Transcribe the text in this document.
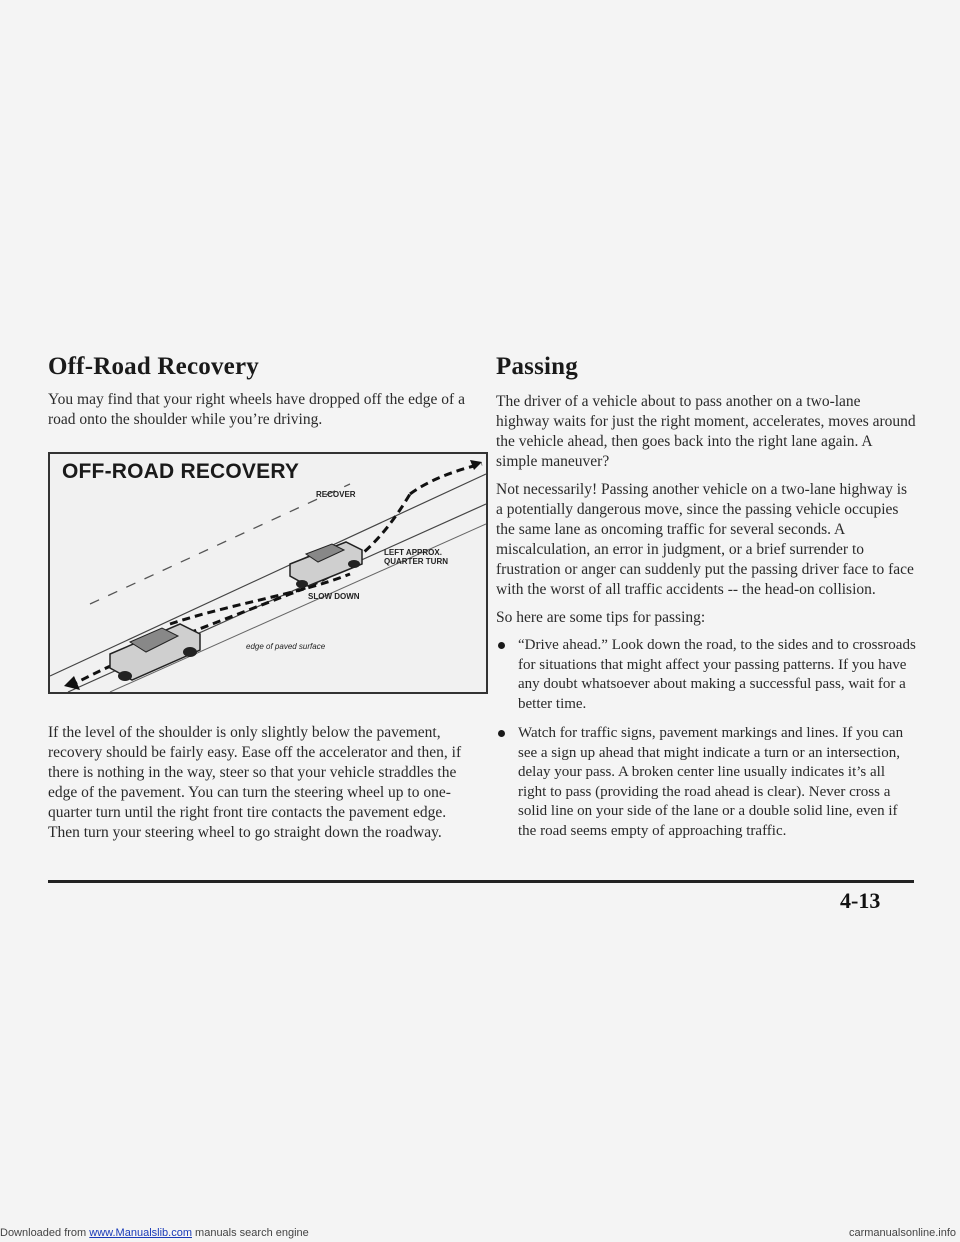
Off-Road Recovery

You may find that your right wheels have dropped off the edge of a road onto the shoulder while you’re driving.

OFF-ROAD RECOVERY
RECOVER
LEFT APPROX.
QUARTER TURN
SLOW DOWN
edge of paved surface

If the level of the shoulder is only slightly below the pavement, recovery should be fairly easy. Ease off the accelerator and then, if there is nothing in the way, steer so that your vehicle straddles the edge of the pavement. You can turn the steering wheel up to one-quarter turn until the right front tire contacts the pavement edge. Then turn your steering wheel to go straight down the roadway.

Passing

The driver of a vehicle about to pass another on a two-lane highway waits for just the right moment, accelerates, moves around the vehicle ahead, then goes back into the right lane again. A simple maneuver?

Not necessarily! Passing another vehicle on a two-lane highway is a potentially dangerous move, since the passing vehicle occupies the same lane as oncoming traffic for several seconds. A miscalculation, an error in judgment, or a brief surrender to frustration or anger can suddenly put the passing driver face to face with the worst of all traffic accidents -- the head-on collision.

So here are some tips for passing:

“Drive ahead.” Look down the road, to the sides and to crossroads for situations that might affect your passing patterns. If you have any doubt whatsoever about making a successful pass, wait for a better time.

Watch for traffic signs, pavement markings and lines. If you can see a sign up ahead that might indicate a turn or an intersection, delay your pass. A broken center line usually indicates it’s all right to pass (providing the road ahead is clear). Never cross a solid line on your side of the lane or a double solid line, even if the road seems empty of approaching traffic.

4-13
Downloaded from www.Manualslib.com manuals search engine	carmanualsonline.info
